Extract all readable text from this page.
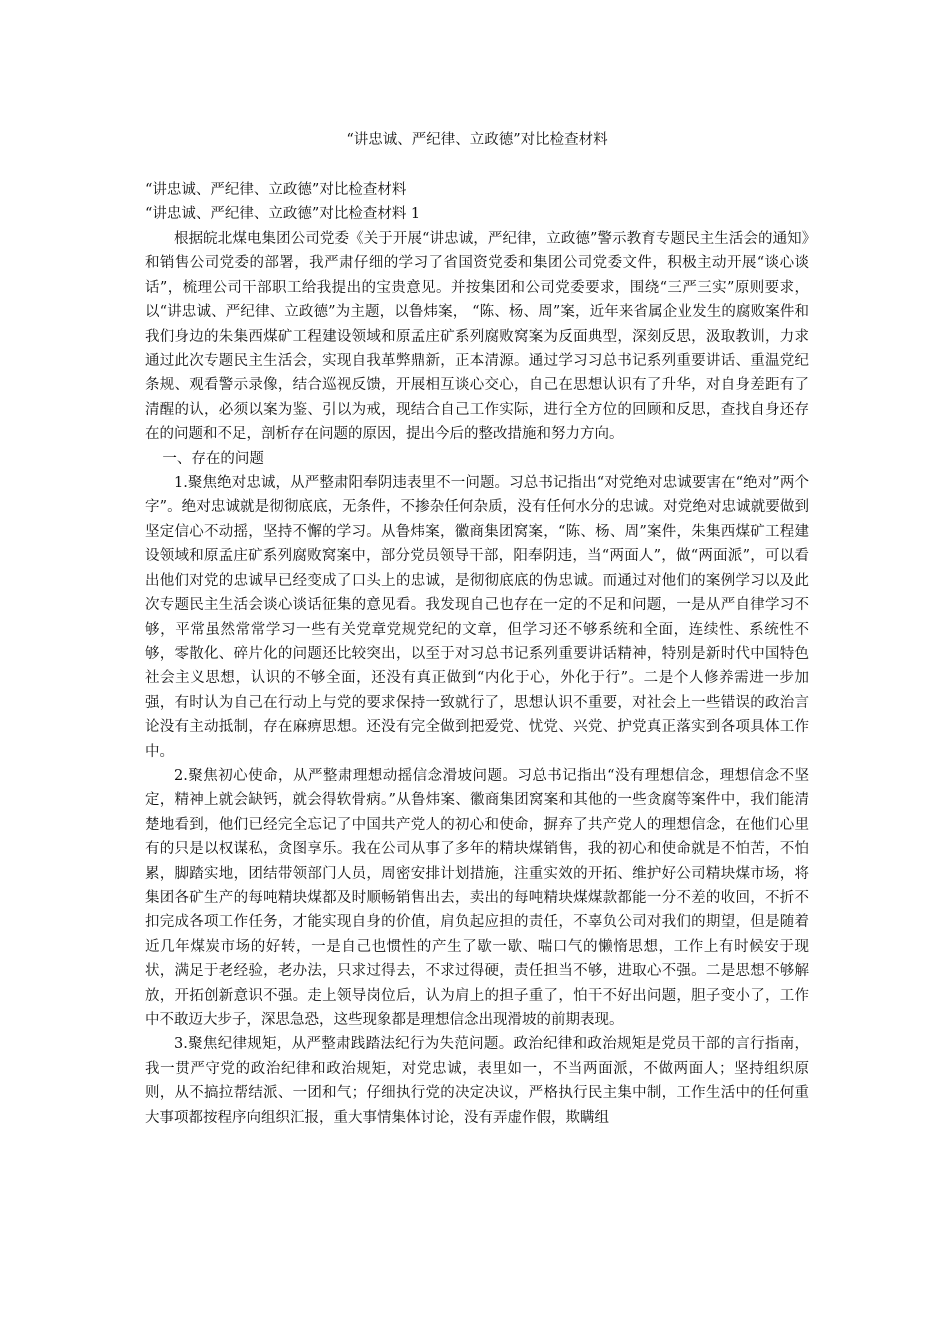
“讲忠诚、严纪律、立政德”对比检查材料
“讲忠诚、严纪律、立政德”对比检查材料
“讲忠诚、严纪律、立政德”对比检查材料 1

根据皖北煤电集团公司党委《关于开展“讲忠诚，严纪律，立政德”警示教育专题民主生活会的通知》和销售公司党委的部署，我严肃仔细的学习了省国资党委和集团公司党委文件，积极主动开展“谈心谈话”，梳理公司干部职工给我提出的宝贵意见。并按集团和公司党委要求，围绕“三严三实”原则要求，以“讲忠诚、严纪律、立政德”为主题，以鲁炜案， “陈、杨、周”案，近年来省属企业发生的腐败案件和我们身边的朱集西煤矿工程建设领域和原孟庄矿系列腐败窝案为反面典型，深刻反思，汲取教训，力求通过此次专题民主生活会，实现自我革弊鼎新，正本清源。通过学习习总书记系列重要讲话、重温党纪条规、观看警示录像，结合巡视反馈，开展相互谈心交心，自己在思想认识有了升华，对自身差距有了清醒的认，必须以案为鉴、引以为戒，现结合自己工作实际，进行全方位的回顾和反思，查找自身还存在的问题和不足，剖析存在问题的原因，提出今后的整改措施和努力方向。

一、存在的问题

1.聚焦绝对忠诚，从严整肃阳奉阴违表里不一问题。习总书记指出“对党绝对忠诚要害在“绝对”两个字”。绝对忠诚就是彻彻底底，无条件，不掺杂任何杂质，没有任何水分的忠诚。对党绝对忠诚就要做到坚定信心不动摇，坚持不懈的学习。从鲁炜案，徽商集团窝案，“陈、杨、周”案件，朱集西煤矿工程建设领域和原孟庄矿系列腐败窝案中，部分党员领导干部，阳奉阴违，当“两面人”，做“两面派”，可以看出他们对党的忠诚早已经变成了口头上的忠诚，是彻彻底底的伪忠诚。而通过对他们的案例学习以及此次专题民主生活会谈心谈话征集的意见看。我发现自己也存在一定的不足和问题，一是从严自律学习不够，平常虽然常常学习一些有关党章党规党纪的文章，但学习还不够系统和全面，连续性、系统性不够，零散化、碎片化的问题还比较突出，以至于对习总书记系列重要讲话精神，特别是新时代中国特色社会主义思想，认识的不够全面，还没有真正做到“内化于心，外化于行”。二是个人修养需进一步加强，有时认为自己在行动上与党的要求保持一致就行了，思想认识不重要，对社会上一些错误的政治言论没有主动抵制，存在麻痹思想。还没有完全做到把爱党、忧党、兴党、护党真正落实到各项具体工作中。

2.聚焦初心使命，从严整肃理想动摇信念滑坡问题。习总书记指出“没有理想信念，理想信念不坚定，精神上就会缺钙，就会得软骨病。”从鲁炜案、徽商集团窝案和其他的一些贪腐等案件中，我们能清楚地看到，他们已经完全忘记了中国共产党人的初心和使命，摒弃了共产党人的理想信念，在他们心里有的只是以权谋私，贪图享乐。我在公司从事了多年的精块煤销售，我的初心和使命就是不怕苦，不怕累，脚踏实地，团结带领部门人员，周密安排计划措施，注重实效的开拓、维护好公司精块煤市场，将集团各矿生产的每吨精块煤都及时顺畅销售出去，卖出的每吨精块煤煤款都能一分不差的收回，不折不扣完成各项工作任务，才能实现自身的价值，肩负起应担的责任，不辜负公司对我们的期望，但是随着近几年煤炭市场的好转，一是自己也惯性的产生了歇一歇、喘口气的懒惰思想，工作上有时候安于现状，满足于老经验，老办法，只求过得去，不求过得硬，责任担当不够，进取心不强。二是思想不够解放，开拓创新意识不强。走上领导岗位后，认为肩上的担子重了，怕干不好出问题，胆子变小了，工作中不敢迈大步子，深思急恐，这些现象都是理想信念出现滑坡的前期表现。

3.聚焦纪律规矩，从严整肃践踏法纪行为失范问题。政治纪律和政治规矩是党员干部的言行指南，我一贯严守党的政治纪律和政治规矩，对党忠诚，表里如一，不当两面派，不做两面人；坚持组织原则，从不搞拉帮结派、一团和气；仔细执行党的决定决议，严格执行民主集中制，工作生活中的任何重大事项都按程序向组织汇报，重大事情集体讨论，没有弄虚作假，欺瞒组
